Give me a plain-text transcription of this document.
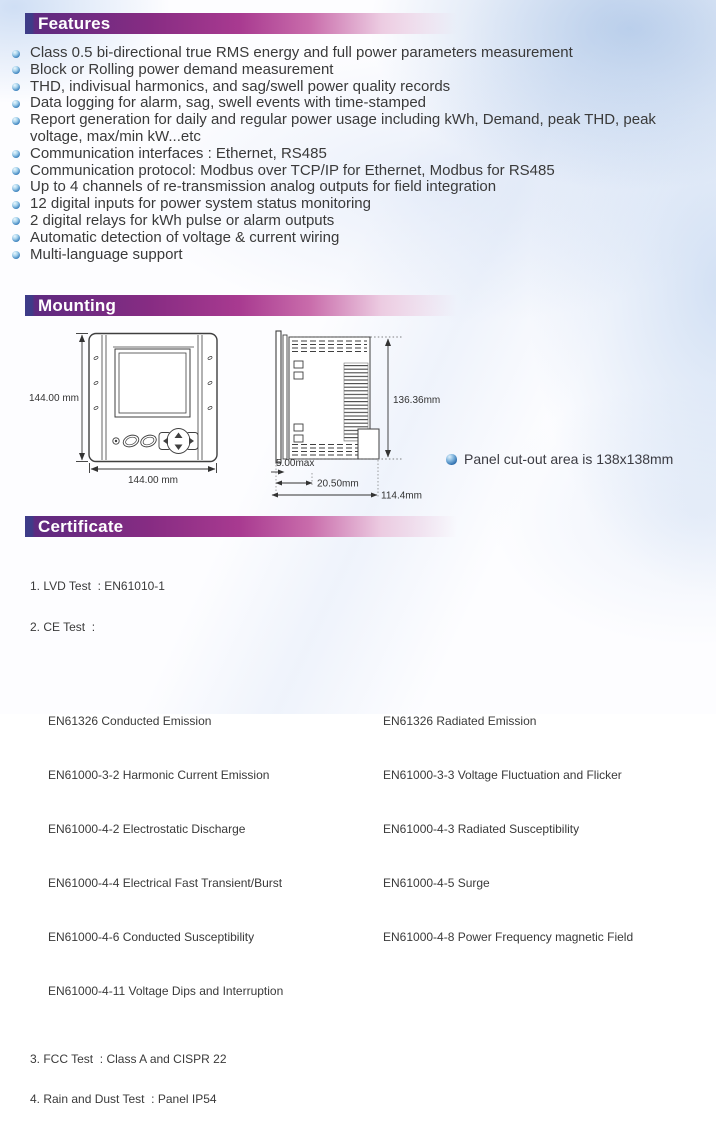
Features
Class 0.5 bi-directional true RMS energy and full power parameters measurement
Block or Rolling power demand measurement
THD, indivisual harmonics, and sag/swell power quality records
Data logging for alarm, sag, swell events with time-stamped
Report generation for daily and regular power usage including kWh, Demand, peak THD, peak voltage, max/min kW...etc
Communication interfaces : Ethernet, RS485
Communication protocol: Modbus over TCP/IP for Ethernet, Modbus for RS485
Up to 4 channels of re-transmission analog outputs for field integration
12 digital inputs for power system status monitoring
2 digital relays for kWh pulse or alarm outputs
Automatic detection of voltage & current wiring
Multi-language support
Mounting
144.00 mm
144.00 mm
136.36mm
5.00max
20.50mm
114.4mm
Panel cut-out area is 138x138mm
Certificate

1. LVD Test  : EN61010-1

2. CE Test  :

EN61326 Conducted Emission	EN61326 Radiated Emission

EN61000-3-2 Harmonic Current Emission	EN61000-3-3 Voltage Fluctuation and Flicker

EN61000-4-2 Electrostatic Discharge	EN61000-4-3 Radiated Susceptibility

EN61000-4-4 Electrical Fast Transient/Burst	EN61000-4-5 Surge

EN61000-4-6 Conducted Susceptibility	EN61000-4-8 Power Frequency magnetic Field

EN61000-4-11 Voltage Dips and Interruption

3. FCC Test  : Class A and CISPR 22

4. Rain and Dust Test  : Panel IP54
